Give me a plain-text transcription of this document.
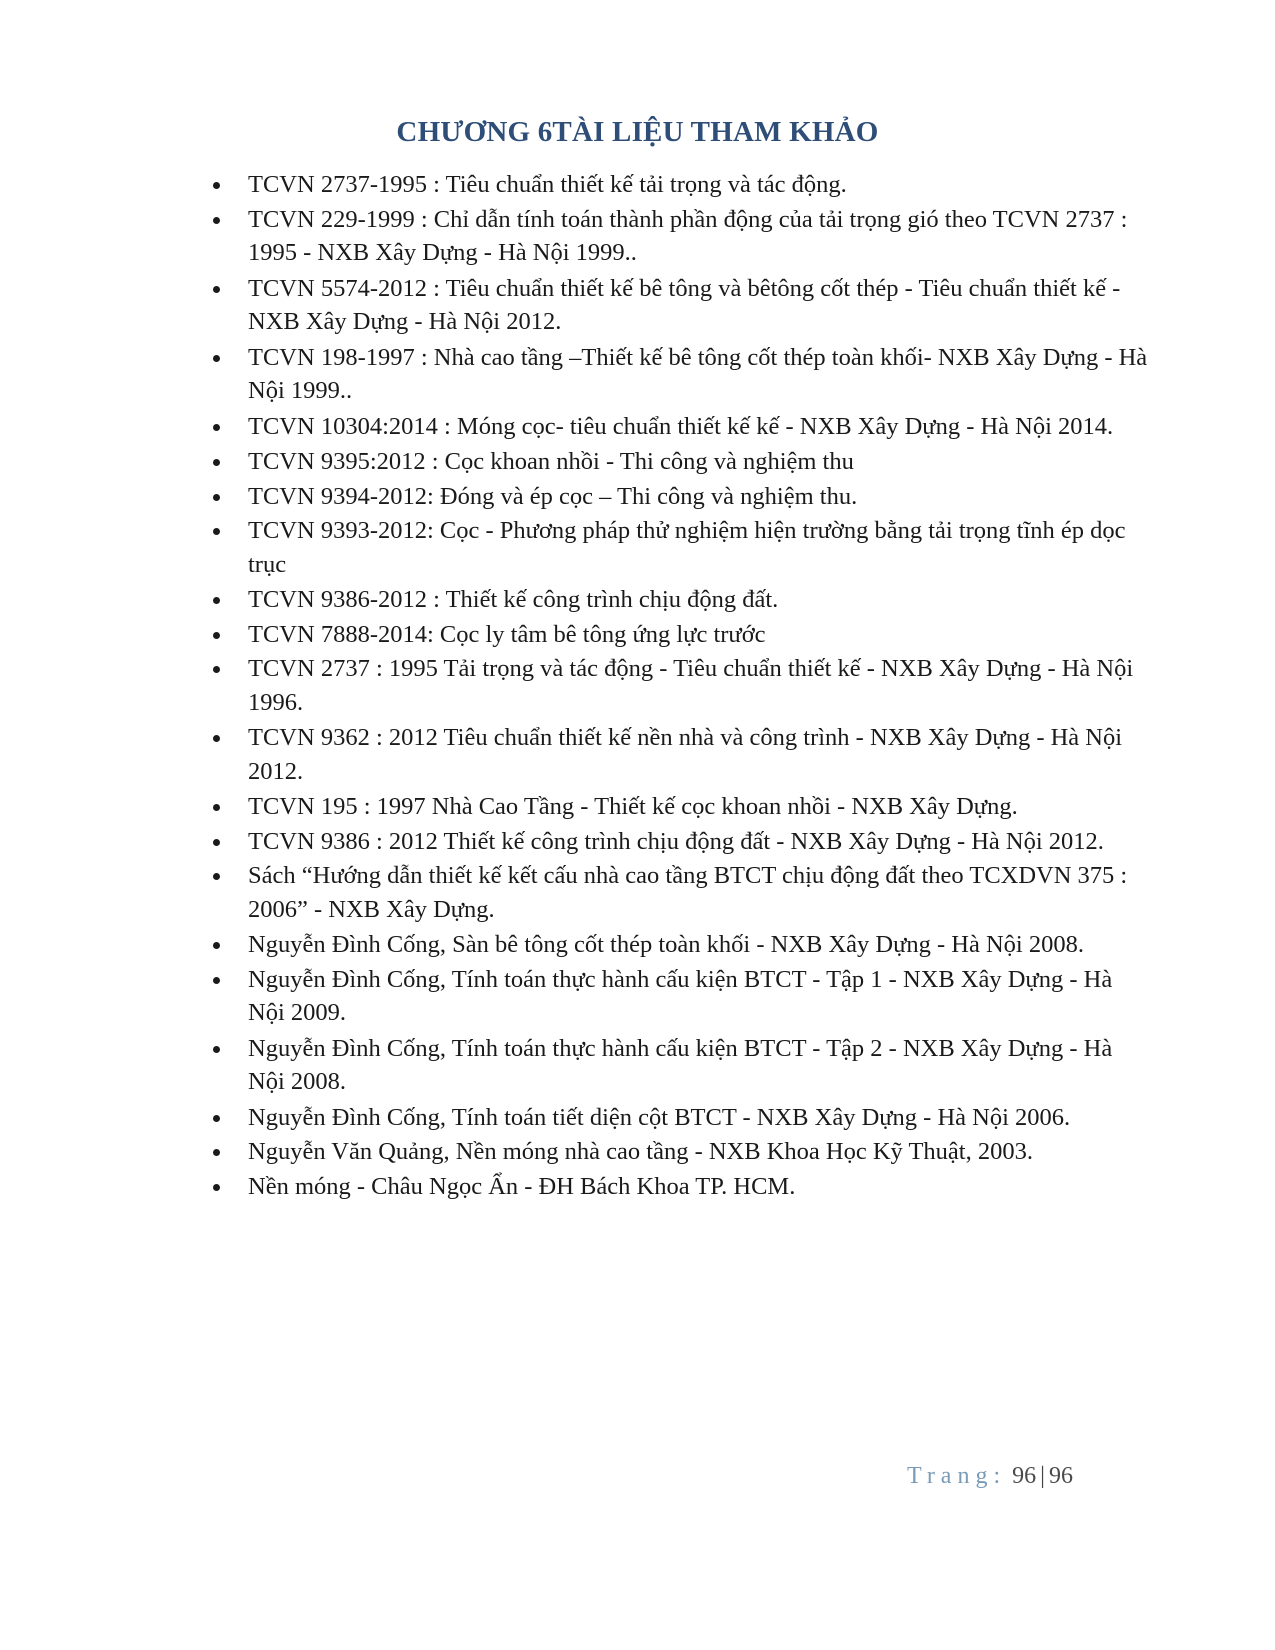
CHƯƠNG 6TÀI LIỆU THAM KHẢO
TCVN 2737-1995 : Tiêu chuẩn thiết kế tải trọng và tác động.
TCVN 229-1999 : Chỉ dẫn tính toán thành phần động của tải trọng gió theo TCVN 2737 : 1995 - NXB Xây Dựng - Hà Nội 1999..
TCVN 5574-2012 : Tiêu chuẩn thiết kế bê tông và bêtông cốt thép - Tiêu chuẩn thiết kế - NXB Xây Dựng - Hà Nội 2012.
TCVN 198-1997 : Nhà cao tầng –Thiết kế bê tông cốt thép toàn khối- NXB Xây Dựng - Hà Nội 1999..
TCVN 10304:2014 : Móng cọc- tiêu chuẩn thiết kế kế - NXB Xây Dựng - Hà Nội 2014.
TCVN 9395:2012 : Cọc khoan nhồi - Thi công và nghiệm thu
TCVN 9394-2012: Đóng và ép cọc – Thi công và nghiệm thu.
TCVN 9393-2012: Cọc - Phương pháp thử nghiệm hiện trường bằng tải trọng tĩnh ép dọc trục
TCVN 9386-2012 : Thiết kế công trình chịu động đất.
TCVN 7888-2014: Cọc ly tâm bê tông ứng lực trước
TCVN 2737 : 1995 Tải trọng và tác động - Tiêu chuẩn thiết kế - NXB Xây Dựng - Hà Nội 1996.
TCVN 9362 : 2012 Tiêu chuẩn thiết kế nền nhà và công trình - NXB Xây Dựng - Hà Nội 2012.
TCVN 195 : 1997 Nhà Cao Tầng - Thiết kế cọc khoan nhồi - NXB Xây Dựng.
TCVN 9386 : 2012 Thiết kế công trình chịu động đất - NXB Xây Dựng - Hà Nội 2012.
Sách “Hướng dẫn thiết kế kết cấu nhà cao tầng BTCT chịu động đất theo TCXDVN 375 : 2006” - NXB Xây Dựng.
Nguyễn Đình Cống, Sàn bê tông cốt thép toàn khối - NXB Xây Dựng - Hà Nội 2008.
Nguyễn Đình Cống, Tính toán thực hành cấu kiện BTCT - Tập 1 - NXB Xây Dựng - Hà Nội 2009.
Nguyễn Đình Cống, Tính toán thực hành cấu kiện BTCT - Tập 2 - NXB Xây Dựng - Hà Nội 2008.
Nguyễn Đình Cống, Tính toán tiết diện cột BTCT - NXB Xây Dựng - Hà Nội 2006.
Nguyễn Văn Quảng, Nền móng nhà cao tầng - NXB Khoa Học Kỹ Thuật, 2003.
Nền móng - Châu Ngọc Ẩn - ĐH Bách Khoa TP. HCM.
Trang: 96 | 96
